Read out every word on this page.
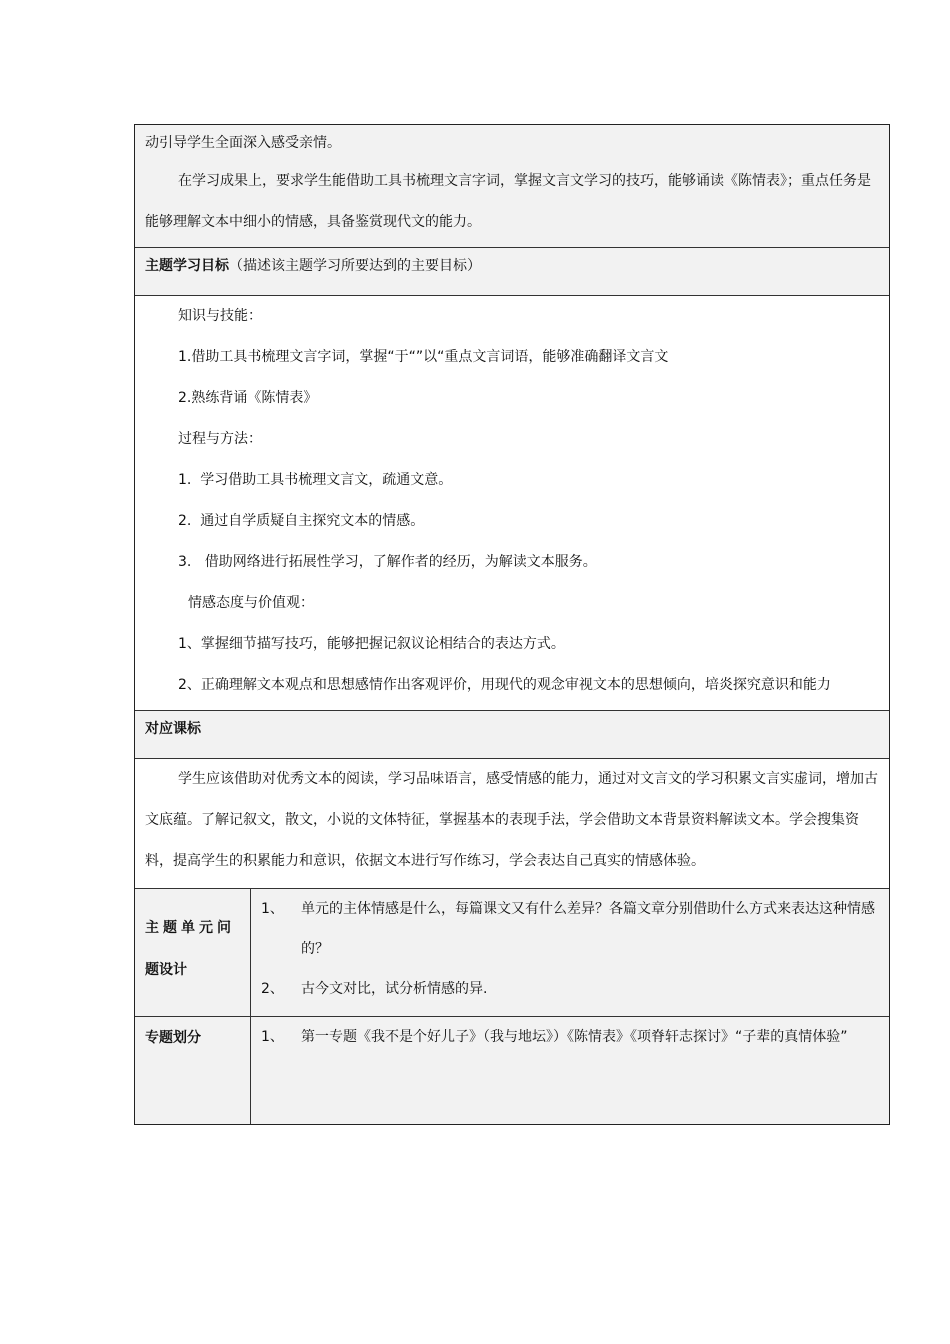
动引导学生全面深入感受亲情。

在学习成果上，要求学生能借助工具书梳理文言字词，掌握文言文学习的技巧，能够诵读《陈情表》；重点任务是能够理解文本中细小的情感，具备鉴赏现代文的能力。

主题学习目标（描述该主题学习所要达到的主要目标）

知识与技能：

1.借助工具书梳理文言字词，掌握“于“”以“重点文言词语，能够准确翻译文言文

2.熟练背诵《陈情表》

过程与方法：

1.  学习借助工具书梳理文言文，疏通文意。

2.  通过自学质疑自主探究文本的情感。

3.   借助网络进行拓展性学习，了解作者的经历，为解读文本服务。

情感态度与价值观：

1、掌握细节描写技巧，能够把握记叙议论相结合的表达方式。

2、正确理解文本观点和思想感情作出客观评价，用现代的观念审视文本的思想倾向，培炎探究意识和能力

对应课标

学生应该借助对优秀文本的阅读，学习品味语言，感受情感的能力，通过对文言文的学习积累文言实虚词，增加古文底蕴。了解记叙文，散文，小说的文体特征，掌握基本的表现手法，学会借助文本背景资料解读文本。学会搜集资料，提高学生的积累能力和意识，依据文本进行写作练习，学会表达自己真实的情感体验。

主题单元问
题设计
1、 单元的主体情感是什么，每篇课文又有什么差异？各篇文章分别借助什么方式来表达这种情感的？
2、 古今文对比，试分析情感的异.
专题划分	1、 第一专题《我不是个好儿子》（我与地坛》）《陈情表》《项脊轩志探讨》“子辈的真情体验”
